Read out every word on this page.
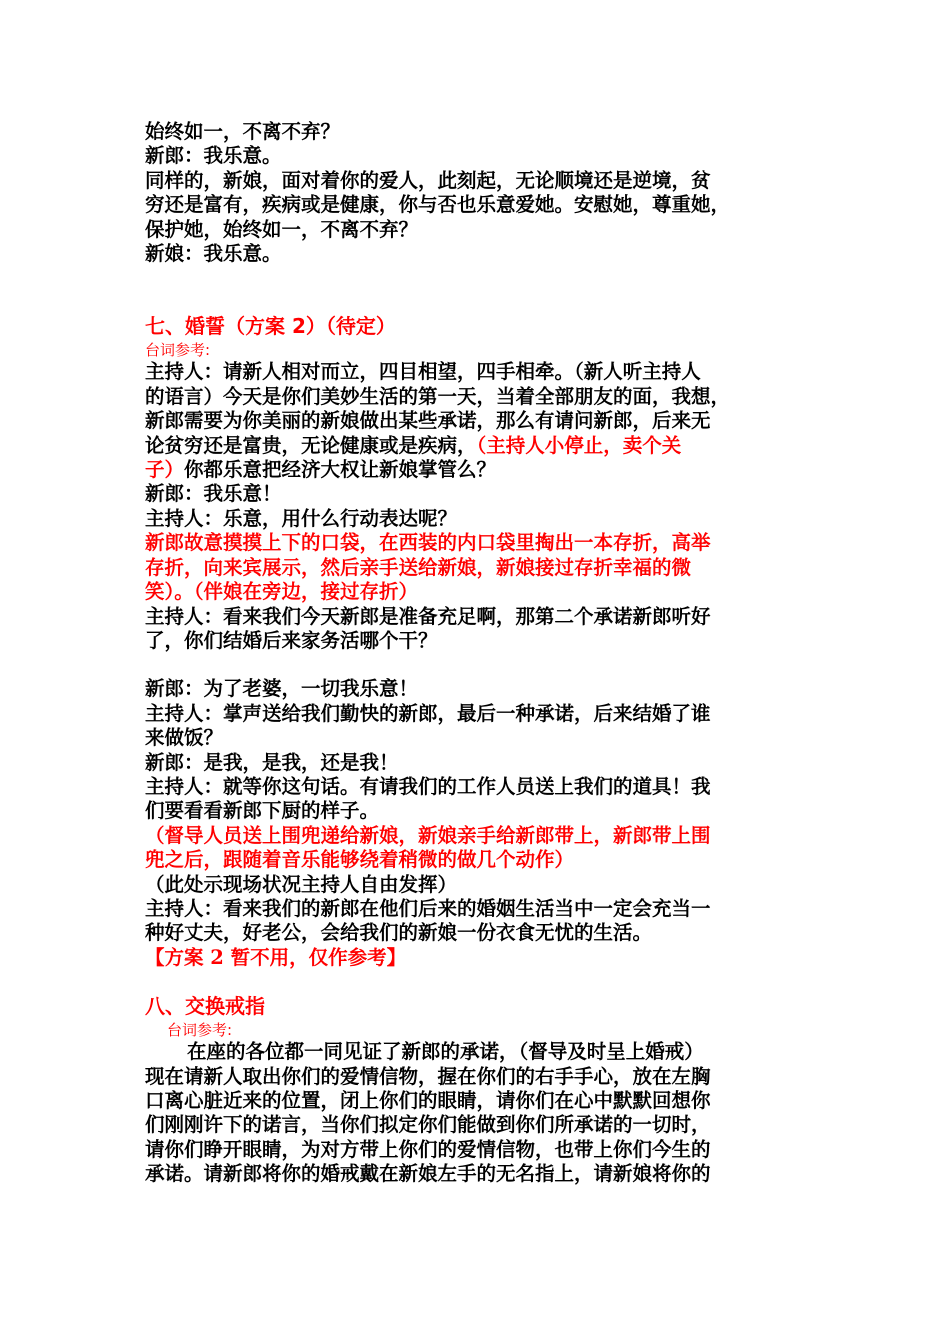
始终如一，不离不弃？

新郎：我乐意。

同样的，新娘，面对着你的爱人，此刻起，无论顺境还是逆境，贫

穷还是富有，疾病或是健康，你与否也乐意爱她。安慰她，尊重她，

保护她，始终如一，不离不弃？

新娘：我乐意。

七、婚誓（方案 2）（待定）

台词参考:

主持人：请新人相对而立，四目相望，四手相牵。（新人听主持人

的语言）今天是你们美妙生活的第一天，当着全部朋友的面，我想，

新郎需要为你美丽的新娘做出某些承诺，那么有请问新郎，后来无

论贫穷还是富贵，无论健康或是疾病，（主持人小停止，卖个关

子）你都乐意把经济大权让新娘掌管么？

新郎：我乐意！

主持人：乐意，用什么行动表达呢？

新郎故意摸摸上下的口袋，在西装的内口袋里掏出一本存折，高举

存折，向来宾展示，然后亲手送给新娘，新娘接过存折幸福的微

笑）。（伴娘在旁边，接过存折）

主持人：看来我们今天新郎是准备充足啊，那第二个承诺新郎听好

了，你们结婚后来家务活哪个干？

新郎：为了老婆，一切我乐意！

主持人：掌声送给我们勤快的新郎，最后一种承诺，后来结婚了谁

来做饭？

新郎：是我，是我，还是我！

主持人：就等你这句话。有请我们的工作人员送上我们的道具！我

们要看看新郎下厨的样子。

（督导人员送上围兜递给新娘，新娘亲手给新郎带上，新郎带上围

兜之后，跟随着音乐能够绕着稍微的做几个动作）

（此处示现场状况主持人自由发挥）

主持人：看来我们的新郎在他们后来的婚姻生活当中一定会充当一

种好丈夫，好老公，会给我们的新娘一份衣食无忧的生活。

【方案 2 暂不用，仅作参考】

八、交换戒指

台词参考:

在座的各位都一同见证了新郎的承诺，（督导及时呈上婚戒）

现在请新人取出你们的爱情信物，握在你们的右手手心，放在左胸

口离心脏近来的位置，闭上你们的眼睛，请你们在心中默默回想你

们刚刚许下的诺言，当你们拟定你们能做到你们所承诺的一切时，

请你们睁开眼睛，为对方带上你们的爱情信物，也带上你们今生的

承诺。请新郎将你的婚戒戴在新娘左手的无名指上，请新娘将你的
